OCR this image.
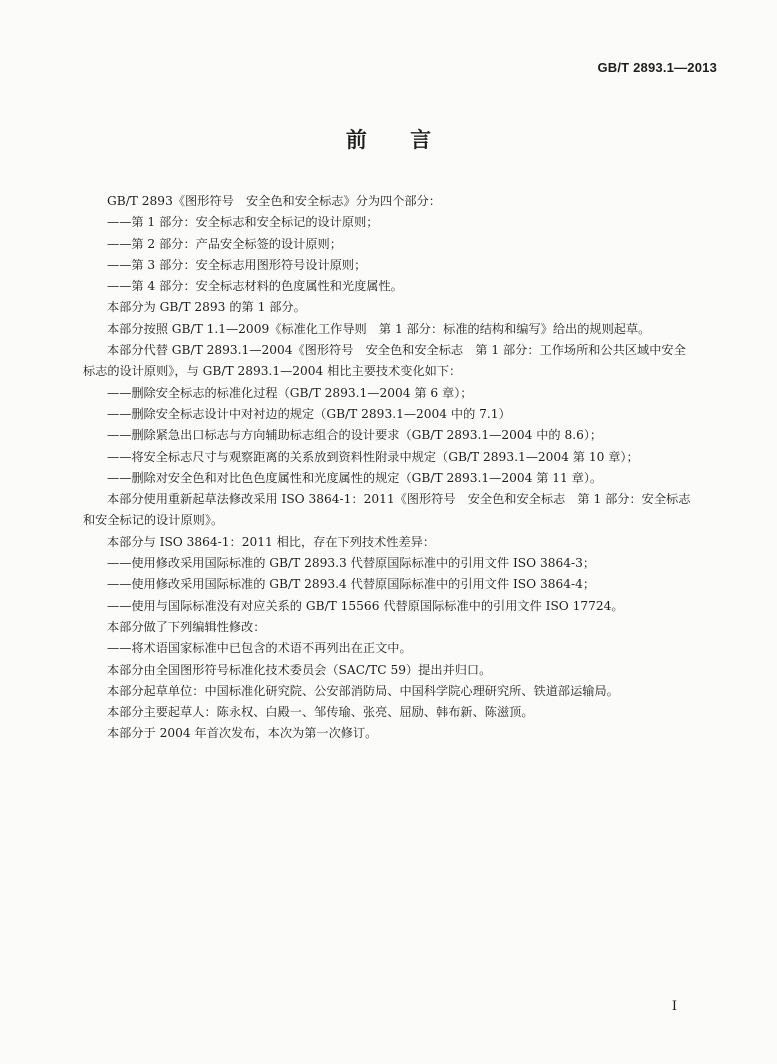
GB/T 2893.1—2013
前 言

GB/T 2893《图形符号　安全色和安全标志》分为四个部分：

——第 1 部分：安全标志和安全标记的设计原则；

——第 2 部分：产品安全标签的设计原则；

——第 3 部分：安全标志用图形符号设计原则；

——第 4 部分：安全标志材料的色度属性和光度属性。

本部分为 GB/T 2893 的第 1 部分。

本部分按照 GB/T 1.1—2009《标准化工作导则　第 1 部分：标准的结构和编写》给出的规则起草。

本部分代替 GB/T 2893.1—2004《图形符号　安全色和安全标志　第 1 部分：工作场所和公共区域中安全标志的设计原则》，与 GB/T 2893.1—2004 相比主要技术变化如下：

——删除安全标志的标准化过程（GB/T 2893.1—2004 第 6 章）；

——删除安全标志设计中对衬边的规定（GB/T 2893.1—2004 中的 7.1）

——删除紧急出口标志与方向辅助标志组合的设计要求（GB/T 2893.1—2004 中的 8.6）；

——将安全标志尺寸与观察距离的关系放到资料性附录中规定（GB/T 2893.1—2004 第 10 章）；

——删除对安全色和对比色色度属性和光度属性的规定（GB/T 2893.1—2004 第 11 章）。

本部分使用重新起草法修改采用 ISO 3864-1：2011《图形符号　安全色和安全标志　第 1 部分：安全标志和安全标记的设计原则》。

本部分与 ISO 3864-1：2011 相比，存在下列技术性差异：

——使用修改采用国际标准的 GB/T 2893.3 代替原国际标准中的引用文件 ISO 3864-3；

——使用修改采用国际标准的 GB/T 2893.4 代替原国际标准中的引用文件 ISO 3864-4；

——使用与国际标准没有对应关系的 GB/T 15566 代替原国际标准中的引用文件 ISO 17724。

本部分做了下列编辑性修改：

——将术语国家标准中已包含的术语不再列出在正文中。

本部分由全国图形符号标准化技术委员会（SAC/TC 59）提出并归口。

本部分起草单位：中国标准化研究院、公安部消防局、中国科学院心理研究所、铁道部运输局。

本部分主要起草人：陈永权、白殿一、邹传瑜、张亮、屈励、韩布新、陈滋顶。

本部分于 2004 年首次发布，本次为第一次修订。

I
